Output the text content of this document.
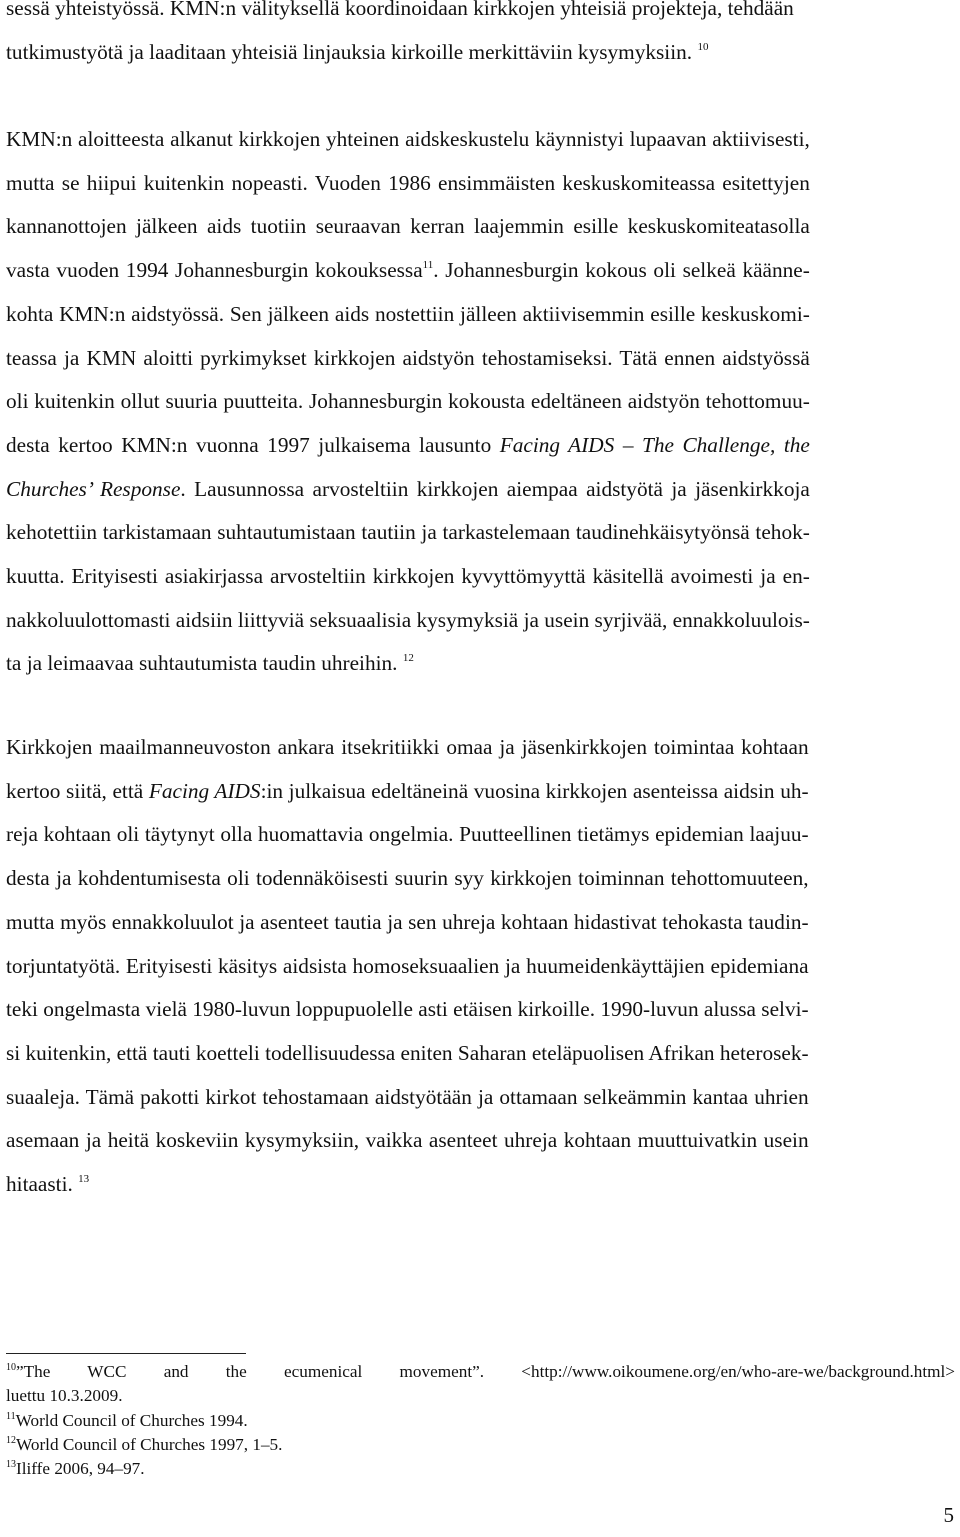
sessä yhteistyössä. KMN:n välityksellä koordinoidaan kirkkojen yhteisiä projekteja, tehdään
tutkimustyötä ja laaditaan yhteisiä linjauksia kirkoille merkittäviin kysymyksiin. $^{10}$
KMN:n aloitteesta alkanut kirkkojen yhteinen aidskeskustelu käynnistyi lupaavan aktiivisesti,
mutta se hiipui kuitenkin nopeasti. Vuoden 1986 ensimmäisten keskuskomiteassa esitettyjen
kannanottojen jälkeen aids tuotiin seuraavan kerran laajemmin esille keskuskomiteatasolla
vasta vuoden 1994 Johannesburgin kokouksessa$^{11}$. Johannesburgin kokous oli selkeä käänne-
kohta KMN:n aidstyössä. Sen jälkeen aids nostettiin jälleen aktiivisemmin esille keskuskomi-
teassa ja KMN aloitti pyrkimykset kirkkojen aidstyön tehostamiseksi. Tätä ennen aidstyössä
oli kuitenkin ollut suuria puutteita. Johannesburgin kokousta edeltäneen aidstyön tehottomuu-
desta kertoo KMN:n vuonna 1997 julkaisema lausunto Facing AIDS – The Challenge, the
Churches’ Response. Lausunnossa arvosteltiin kirkkojen aiempaa aidstyötä ja jäsenkirkkoja
kehotettiin tarkistamaan suhtautumistaan tautiin ja tarkastelemaan taudinehkäisytyönsä tehok-
kuutta. Erityisesti asiakirjassa arvosteltiin kirkkojen kyvyttömyyttä käsitellä avoimesti ja en-
nakkoluulottomasti aidsiin liittyviä seksuaalisia kysymyksiä ja usein syrjivää, ennakkoluulois-
ta ja leimaavaa suhtautumista taudin uhreihin. $^{12}$
Kirkkojen maailmanneuvoston ankara itsekritiikki omaa ja jäsenkirkkojen toimintaa kohtaan
kertoo siitä, että Facing AIDS:in julkaisua edeltäneinä vuosina kirkkojen asenteissa aidsin uh-
reja kohtaan oli täytynyt olla huomattavia ongelmia. Puutteellinen tietämys epidemian laajuu-
desta ja kohdentumisesta oli todennäköisesti suurin syy kirkkojen toiminnan tehottomuuteen,
mutta myös ennakkoluulot ja asenteet tautia ja sen uhreja kohtaan hidastivat tehokasta taudin-
torjuntatyötä. Erityisesti käsitys aidsista homoseksuaalien ja huumeidenkäyttäjien epidemiana
teki ongelmasta vielä 1980-luvun loppupuolelle asti etäisen kirkoille. 1990-luvun alussa selvi-
si kuitenkin, että tauti koetteli todellisuudessa eniten Saharan eteläpuolisen Afrikan heterosek-
suaaleja. Tämä pakotti kirkot tehostamaan aidstyötään ja ottamaan selkeämmin kantaa uhrien
asemaan ja heitä koskeviin kysymyksiin, vaikka asenteet uhreja kohtaan muuttuivatkin usein
hitaasti. $^{13}$
$^{10}$”The WCC and the ecumenical movement”. <http://www.oikoumene.org/en/who-are-we/background.html>
luettu 10.3.2009.
$^{11}$World Council of Churches 1994.
$^{12}$World Council of Churches 1997, 1–5.
$^{13}$Iliffe 2006, 94–97.
5
